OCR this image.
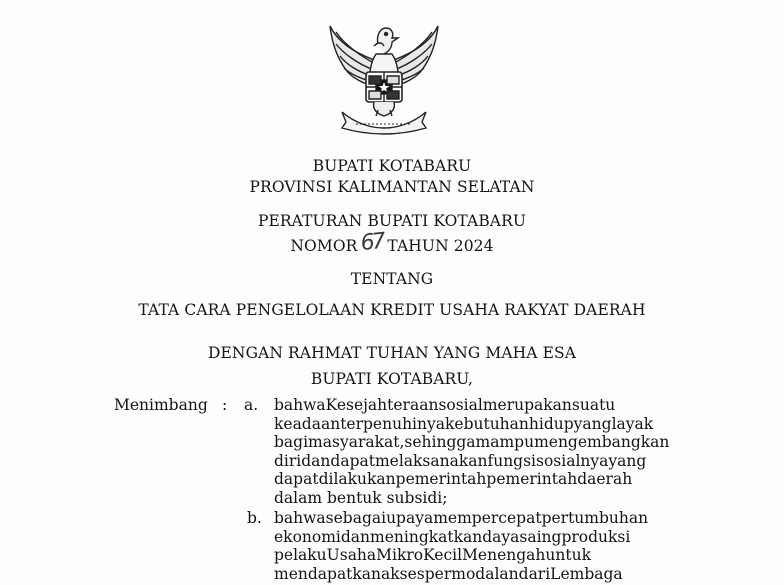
BUPATI KOTABARU
PROVINSI KALIMANTAN SELATAN
PERATURAN BUPATI KOTABARU
NOMOR 67 TAHUN 2024
TENTANG
TATA CARA PENGELOLAAN KREDIT USAHA RAKYAT DAERAH
DENGAN RAHMAT TUHAN YANG MAHA ESA
BUPATI KOTABARU,
Menimbang : a. bahwaKesejahteraansosialmerupakansuatu
keadaanterpenuhinyakebutuhanhidupyanglayak
bagimasyarakat,sehinggamampumengembangkan
diridandapatmelaksanakanfungsisosialnyayang
dapatdilakukanpemerintahpemerintahdaerah
dalam bentuk subsidi;
b. bahwasebagaiupayamempercepatpertumbuhan
ekonomidanmeningkatkandayasaingproduksi
pelakuUsahaMikroKecilMenengahuntuk
mendapatkanaksespermodalandariLembaga
